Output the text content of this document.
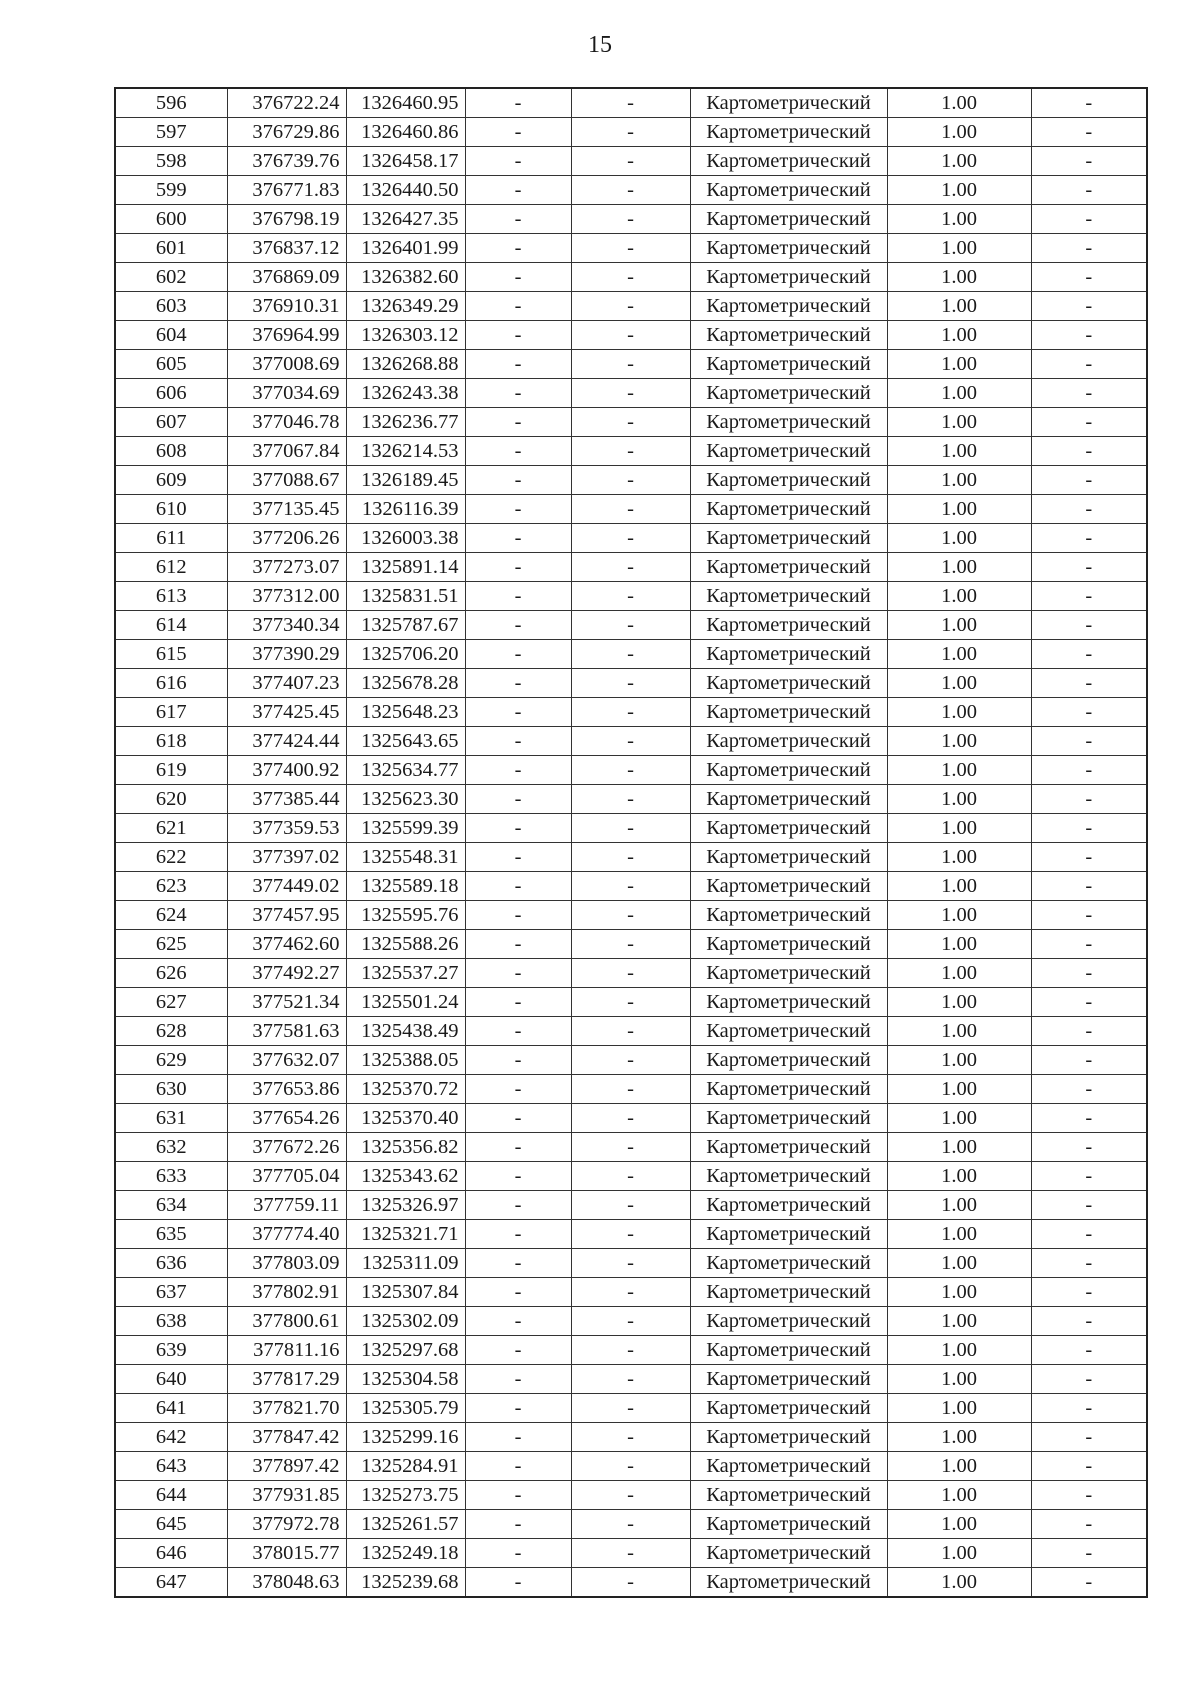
15
596	376722.24	1326460.95	-	-	Картометрический	1.00	-
597	376729.86	1326460.86	-	-	Картометрический	1.00	-
598	376739.76	1326458.17	-	-	Картометрический	1.00	-
599	376771.83	1326440.50	-	-	Картометрический	1.00	-
600	376798.19	1326427.35	-	-	Картометрический	1.00	-
601	376837.12	1326401.99	-	-	Картометрический	1.00	-
602	376869.09	1326382.60	-	-	Картометрический	1.00	-
603	376910.31	1326349.29	-	-	Картометрический	1.00	-
604	376964.99	1326303.12	-	-	Картометрический	1.00	-
605	377008.69	1326268.88	-	-	Картометрический	1.00	-
606	377034.69	1326243.38	-	-	Картометрический	1.00	-
607	377046.78	1326236.77	-	-	Картометрический	1.00	-
608	377067.84	1326214.53	-	-	Картометрический	1.00	-
609	377088.67	1326189.45	-	-	Картометрический	1.00	-
610	377135.45	1326116.39	-	-	Картометрический	1.00	-
611	377206.26	1326003.38	-	-	Картометрический	1.00	-
612	377273.07	1325891.14	-	-	Картометрический	1.00	-
613	377312.00	1325831.51	-	-	Картометрический	1.00	-
614	377340.34	1325787.67	-	-	Картометрический	1.00	-
615	377390.29	1325706.20	-	-	Картометрический	1.00	-
616	377407.23	1325678.28	-	-	Картометрический	1.00	-
617	377425.45	1325648.23	-	-	Картометрический	1.00	-
618	377424.44	1325643.65	-	-	Картометрический	1.00	-
619	377400.92	1325634.77	-	-	Картометрический	1.00	-
620	377385.44	1325623.30	-	-	Картометрический	1.00	-
621	377359.53	1325599.39	-	-	Картометрический	1.00	-
622	377397.02	1325548.31	-	-	Картометрический	1.00	-
623	377449.02	1325589.18	-	-	Картометрический	1.00	-
624	377457.95	1325595.76	-	-	Картометрический	1.00	-
625	377462.60	1325588.26	-	-	Картометрический	1.00	-
626	377492.27	1325537.27	-	-	Картометрический	1.00	-
627	377521.34	1325501.24	-	-	Картометрический	1.00	-
628	377581.63	1325438.49	-	-	Картометрический	1.00	-
629	377632.07	1325388.05	-	-	Картометрический	1.00	-
630	377653.86	1325370.72	-	-	Картометрический	1.00	-
631	377654.26	1325370.40	-	-	Картометрический	1.00	-
632	377672.26	1325356.82	-	-	Картометрический	1.00	-
633	377705.04	1325343.62	-	-	Картометрический	1.00	-
634	377759.11	1325326.97	-	-	Картометрический	1.00	-
635	377774.40	1325321.71	-	-	Картометрический	1.00	-
636	377803.09	1325311.09	-	-	Картометрический	1.00	-
637	377802.91	1325307.84	-	-	Картометрический	1.00	-
638	377800.61	1325302.09	-	-	Картометрический	1.00	-
639	377811.16	1325297.68	-	-	Картометрический	1.00	-
640	377817.29	1325304.58	-	-	Картометрический	1.00	-
641	377821.70	1325305.79	-	-	Картометрический	1.00	-
642	377847.42	1325299.16	-	-	Картометрический	1.00	-
643	377897.42	1325284.91	-	-	Картометрический	1.00	-
644	377931.85	1325273.75	-	-	Картометрический	1.00	-
645	377972.78	1325261.57	-	-	Картометрический	1.00	-
646	378015.77	1325249.18	-	-	Картометрический	1.00	-
647	378048.63	1325239.68	-	-	Картометрический	1.00	-
